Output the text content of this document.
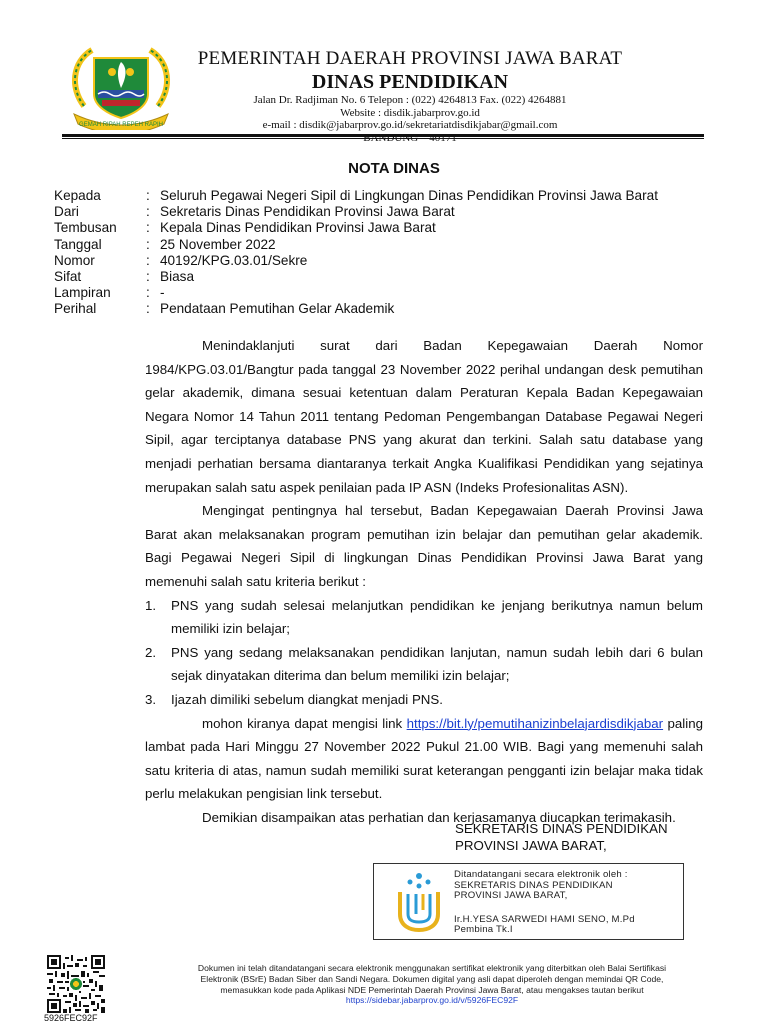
GEMAH RIPAH REPEH RAPIH
PEMERINTAH DAERAH PROVINSI JAWA BARAT
DINAS PENDIDIKAN
Jalan Dr. Radjiman No. 6 Telepon : (022) 4264813 Fax. (022) 4264881
Website : disdik.jabarprov.go.id
e-mail : disdik@jabarprov.go.id/sekretariatdisdikjabar@gmail.com
NOTA DINAS
Kepada	: Seluruh Pegawai Negeri Sipil di Lingkungan Dinas Pendidikan Provinsi Jawa Barat
Dari	: Sekretaris Dinas Pendidikan Provinsi Jawa Barat
Tembusan : Kepala Dinas Pendidikan Provinsi Jawa Barat
Tanggal	: 25 November 2022
Nomor	: 40192/KPG.03.01/Sekre
Sifat	: Biasa
Lampiran	: -
Perihal	: Pendataan Pemutihan Gelar Akademik

Menindaklanjuti surat dari Badan Kepegawaian Daerah Nomor 1984/KPG.03.01/Bangtur pada tanggal 23 November 2022 perihal undangan desk pemutihan gelar akademik, dimana sesuai ketentuan dalam Peraturan Kepala Badan Kepegawaian Negara Nomor 14 Tahun 2011 tentang Pedoman Pengembangan Database Pegawai Negeri Sipil, agar terciptanya database PNS yang akurat dan terkini. Salah satu database yang menjadi perhatian bersama diantaranya terkait Angka Kualifikasi Pendidikan yang sejatinya merupakan salah satu aspek penilaian pada IP ASN (Indeks Profesionalitas ASN).

Mengingat pentingnya hal tersebut, Badan Kepegawaian Daerah Provinsi Jawa Barat akan melaksanakan program pemutihan izin belajar dan pemutihan gelar akademik. Bagi Pegawai Negeri Sipil di lingkungan Dinas Pendidikan Provinsi Jawa Barat yang memenuhi salah satu kriteria berikut :

1. PNS yang sudah selesai melanjutkan pendidikan ke jenjang berikutnya namun belum memiliki izin belajar;
2. PNS yang sedang melaksanakan pendidikan lanjutan, namun sudah lebih dari 6 bulan sejak dinyatakan diterima dan belum memiliki izin belajar;
3. Ijazah dimiliki sebelum diangkat menjadi PNS.

mohon kiranya dapat mengisi link https://bit.ly/pemutihanizinbelajardisdikjabar paling lambat pada Hari Minggu 27 November 2022 Pukul 21.00 WIB. Bagi yang memenuhi salah satu kriteria di atas, namun sudah memiliki surat keterangan pengganti izin belajar maka tidak perlu melakukan pengisian link tersebut.

Demikian disampaikan atas perhatian dan kerjasamanya diucapkan terimakasih.

SEKRETARIS DINAS PENDIDIKAN
PROVINSI JAWA BARAT,
Ditandatangani secara elektronik oleh :
SEKRETARIS DINAS PENDIDIKAN
PROVINSI JAWA BARAT,
Ir.H.YESA SARWEDI HAMI SENO, M.Pd
Pembina Tk.I
5926FEC92F
Dokumen ini telah ditandatangani secara elektronik menggunakan sertifikat elektronik yang diterbitkan oleh Balai Sertifikasi
Elektronik (BSrE) Badan Siber dan Sandi Negara. Dokumen digital yang asli dapat diperoleh dengan memindai QR Code,
memasukkan kode pada Aplikasi NDE Pemerintah Daerah Provinsi Jawa Barat, atau mengakses tautan berikut
https://sidebar.jabarprov.go.id/v/5926FEC92F
